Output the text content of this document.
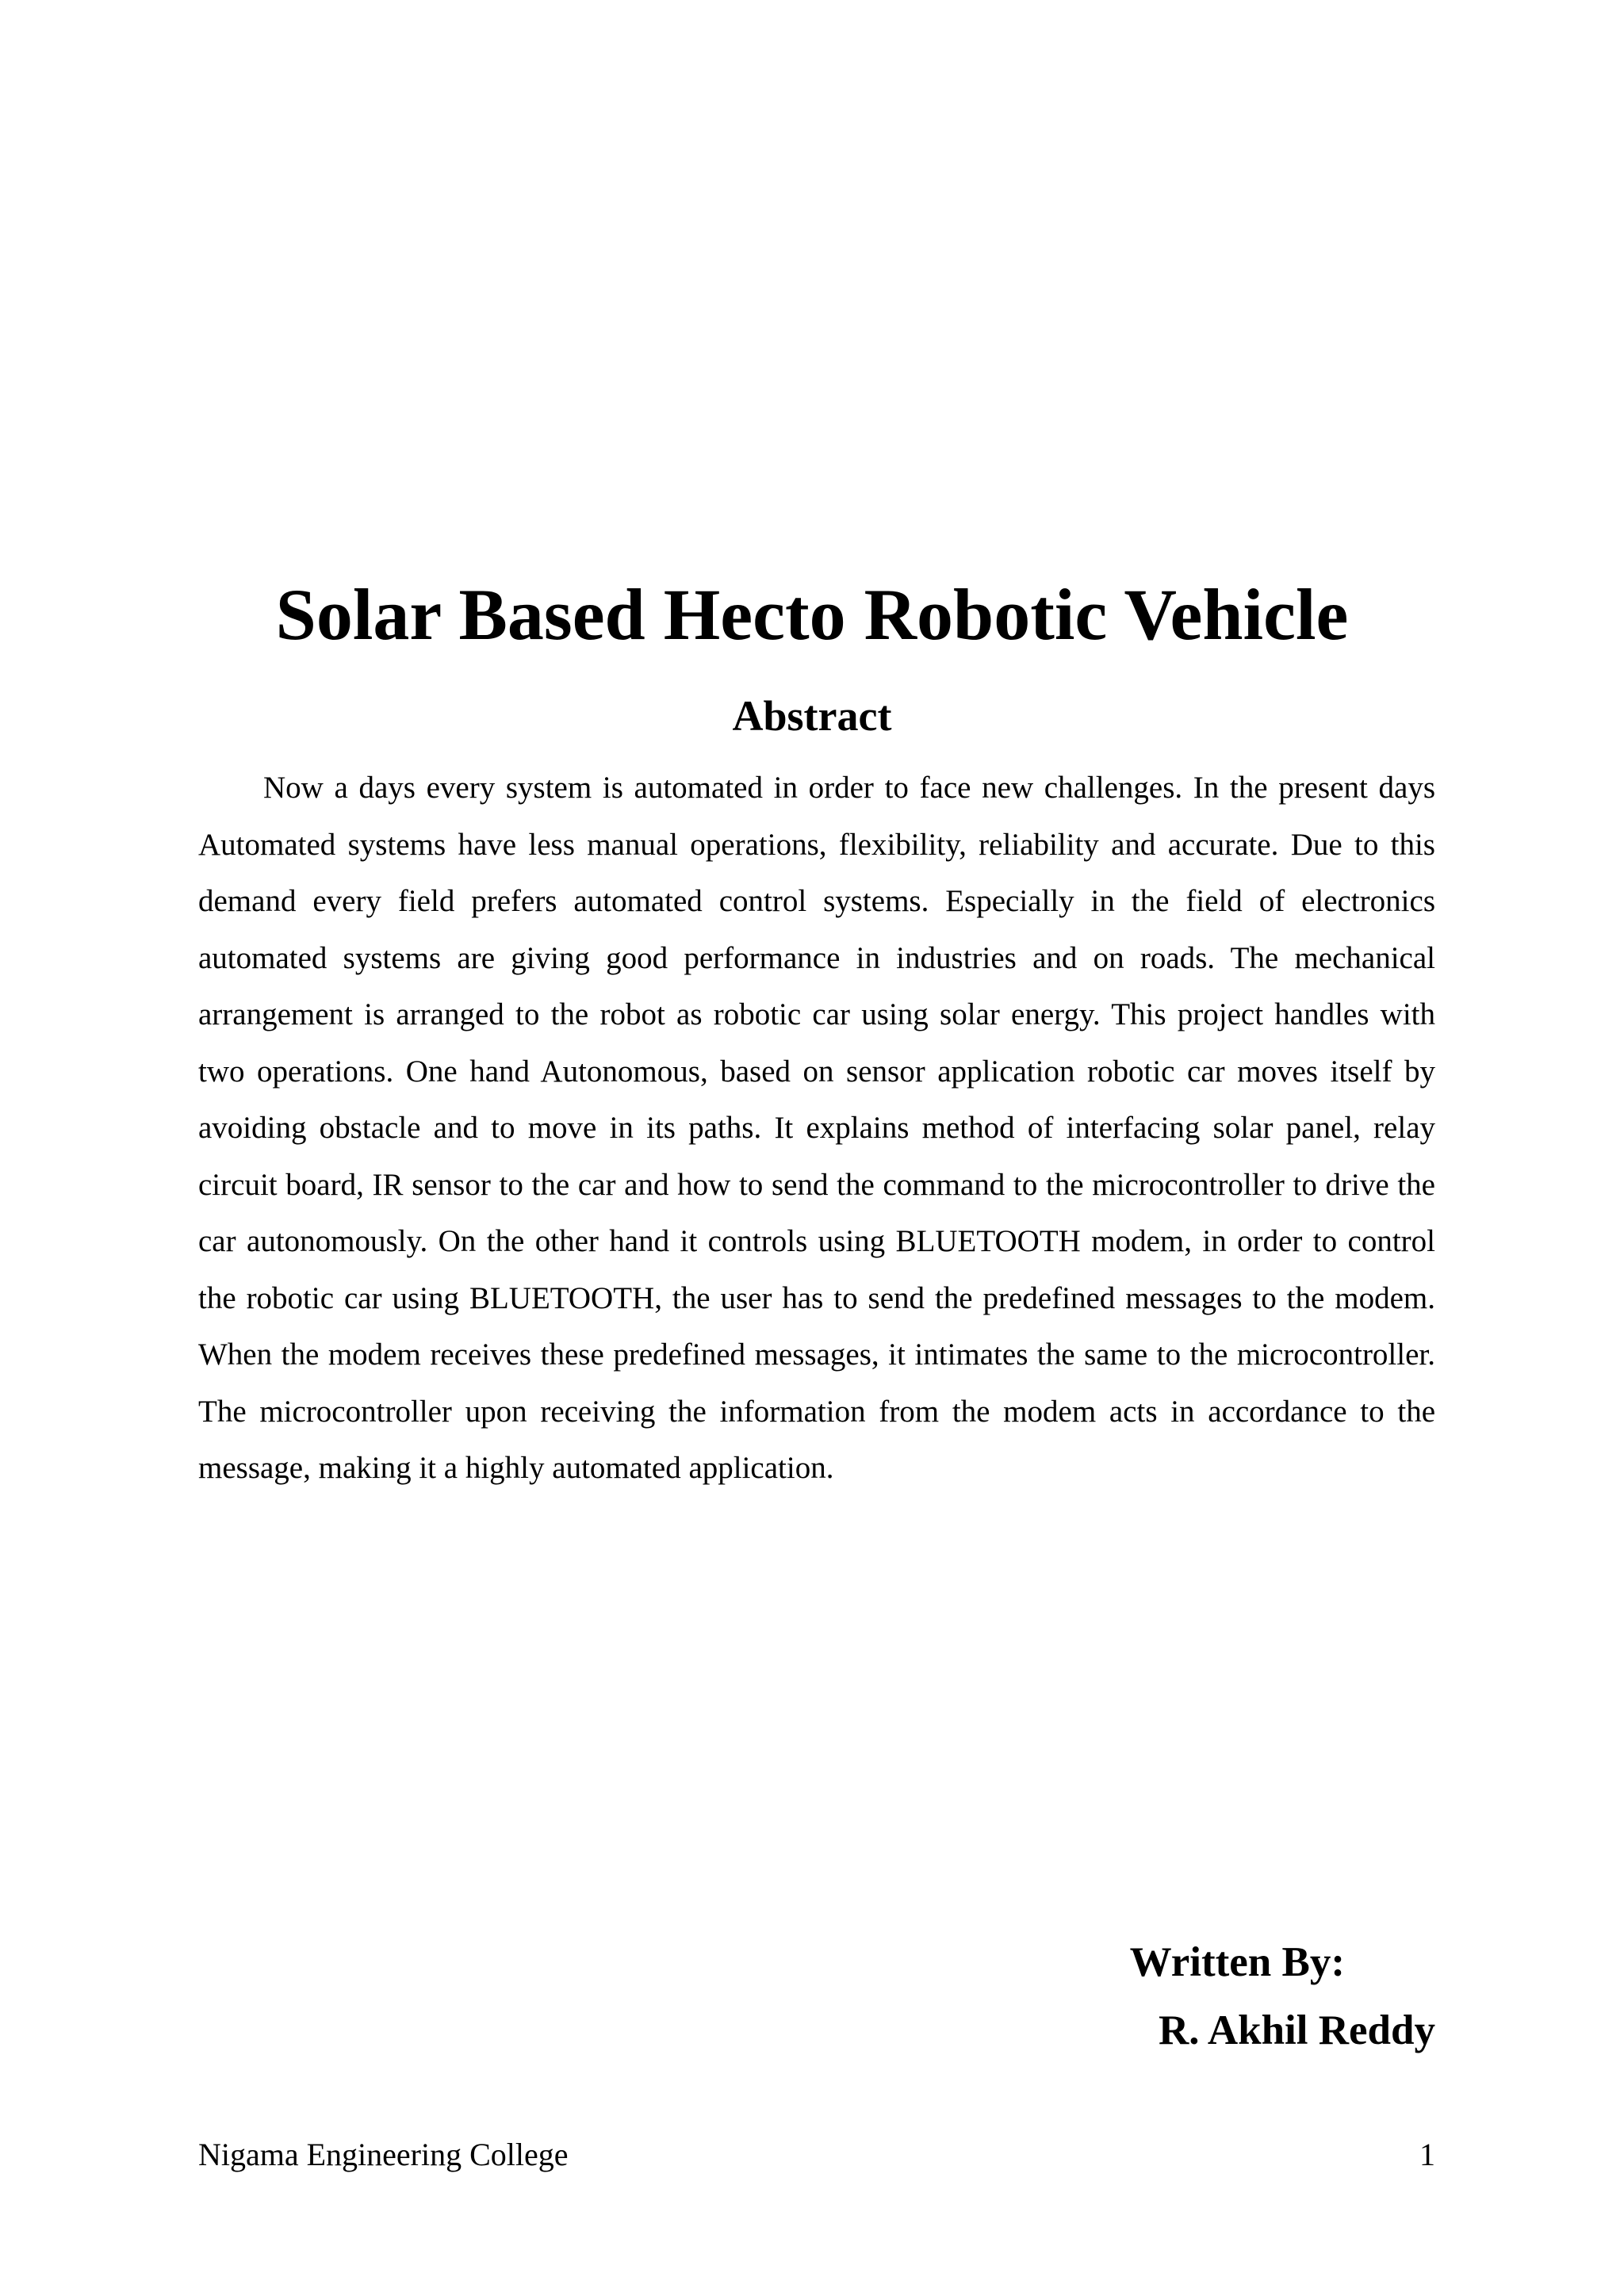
Solar Based Hecto Robotic Vehicle
Abstract

Now a days every system is automated in order to face new challenges. In the present days Automated systems have less manual operations, flexibility, reliability and accurate. Due to this demand every field prefers automated control systems. Especially in the field of electronics automated systems are giving good performance in industries and on roads. The mechanical arrangement is arranged to the robot as robotic car using solar energy. This project handles with two operations. One hand Autonomous, based on sensor application robotic car moves itself by avoiding obstacle and to move in its paths. It explains method of interfacing solar panel, relay circuit board, IR sensor to the car and how to send the command to the microcontroller to drive the car autonomously. On the other hand it controls using BLUETOOTH modem, in order to control the robotic car using BLUETOOTH, the user has to send the predefined messages to the modem. When the modem receives these predefined messages, it intimates the same to the microcontroller. The microcontroller upon receiving the information from the modem acts in accordance to the message, making it a highly automated application.

Written By:
R. Akhil Reddy
Nigama Engineering College	1
